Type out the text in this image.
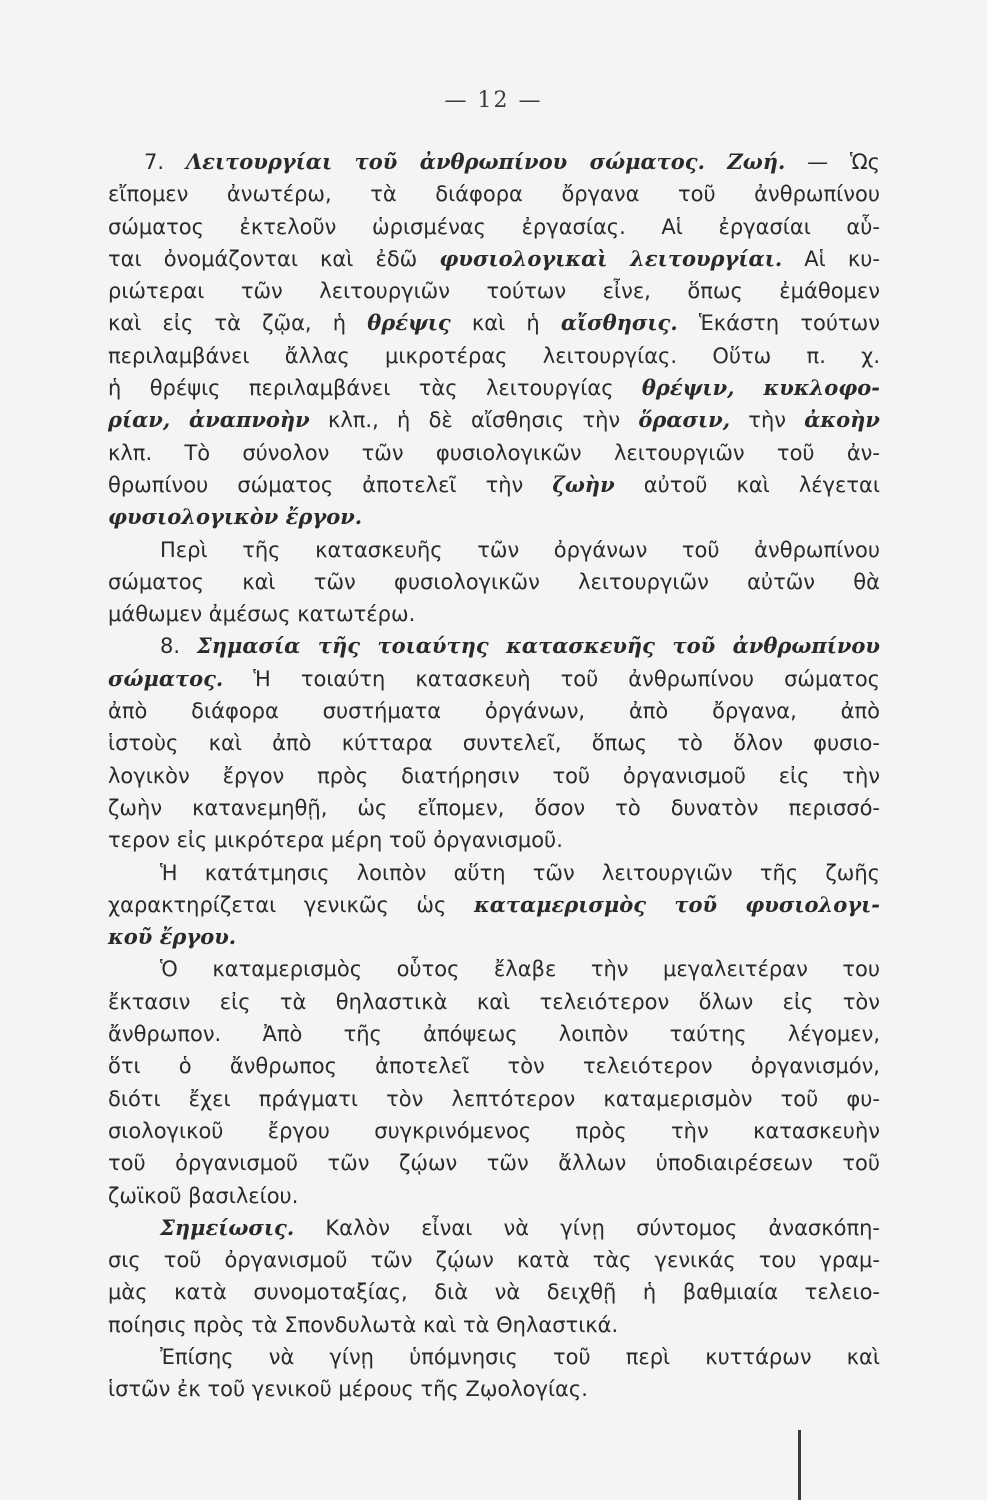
— 12 —
7. Λειτουργίαι τοῦ ἀνθρωπίνου σώματος. Ζωή. — Ὡς
εἴπομεν ἀνωτέρω, τὰ διάφορα ὄργανα τοῦ ἀνθρωπίνου
σώματος ἐκτελοῦν ὡρισμένας ἐργασίας. Αἱ ἐργασίαι αὗ-
ται ὀνομάζονται καὶ ἐδῶ φυσιολογικαὶ λειτουργίαι. Αἱ κυ-
ριώτεραι τῶν λειτουργιῶν τούτων εἶνε, ὅπως ἐμάθομεν
καὶ εἰς τὰ ζῷα, ἡ θρέψις καὶ ἡ αἴσθησις. Ἑκάστη τούτων
περιλαμβάνει ἄλλας μικροτέρας λειτουργίας. Οὕτω π. χ.
ἡ θρέψις περιλαμβάνει τὰς λειτουργίας θρέψιν, κυκλοφο-
ρίαν, ἀναπνοὴν κλπ., ἡ δὲ αἴσθησις τὴν ὅρασιν, τὴν ἀκοὴν
κλπ. Τὸ σύνολον τῶν φυσιολογικῶν λειτουργιῶν τοῦ ἀν-
θρωπίνου σώματος ἀποτελεῖ τὴν ζωὴν αὐτοῦ καὶ λέγεται
φυσιολογικὸν ἔργον.
Περὶ τῆς κατασκευῆς τῶν ὀργάνων τοῦ ἀνθρωπίνου
σώματος καὶ τῶν φυσιολογικῶν λειτουργιῶν αὐτῶν θὰ
μάθωμεν ἀμέσως κατωτέρω.
8. Σημασία τῆς τοιαύτης κατασκευῆς τοῦ ἀνθρωπίνου
σώματος. Ἡ τοιαύτη κατασκευὴ τοῦ ἀνθρωπίνου σώματος
ἀπὸ διάφορα συστήματα ὀργάνων, ἀπὸ ὄργανα, ἀπὸ
ἱστοὺς καὶ ἀπὸ κύτταρα συντελεῖ, ὅπως τὸ ὅλον φυσιο-
λογικὸν ἔργον πρὸς διατήρησιν τοῦ ὀργανισμοῦ εἰς τὴν
ζωὴν κατανεμηθῇ, ὡς εἴπομεν, ὅσον τὸ δυνατὸν περισσό-
τερον εἰς μικρότερα μέρη τοῦ ὀργανισμοῦ.
Ἡ κατάτμησις λοιπὸν αὕτη τῶν λειτουργιῶν τῆς ζωῆς
χαρακτηρίζεται γενικῶς ὡς καταμερισμὸς τοῦ φυσιολογι-
κοῦ ἔργου.
Ὁ καταμερισμὸς οὗτος ἔλαβε τὴν μεγαλειτέραν του
ἔκτασιν εἰς τὰ θηλαστικὰ καὶ τελειότερον ὅλων εἰς τὸν
ἄνθρωπον. Ἀπὸ τῆς ἀπόψεως λοιπὸν ταύτης λέγομεν,
ὅτι ὁ ἄνθρωπος ἀποτελεῖ τὸν τελειότερον ὀργανισμόν,
διότι ἔχει πράγματι τὸν λεπτότερον καταμερισμὸν τοῦ φυ-
σιολογικοῦ ἔργου συγκρινόμενος πρὸς τὴν κατασκευὴν
τοῦ ὀργανισμοῦ τῶν ζῴων τῶν ἄλλων ὑποδιαιρέσεων τοῦ
ζωϊκοῦ βασιλείου.
Σημείωσις. Καλὸν εἶναι νὰ γίνῃ σύντομος ἀνασκόπη-
σις τοῦ ὀργανισμοῦ τῶν ζῴων κατὰ τὰς γενικάς του γραμ-
μὰς κατὰ συνομοταξίας, διὰ νὰ δειχθῇ ἡ βαθμιαία τελειο-
ποίησις πρὸς τὰ Σπονδυλωτὰ καὶ τὰ Θηλαστικά.
Ἐπίσης νὰ γίνῃ ὑπόμνησις τοῦ περὶ κυττάρων καὶ
ἱστῶν ἐκ τοῦ γενικοῦ μέρους τῆς Ζῳολογίας.
